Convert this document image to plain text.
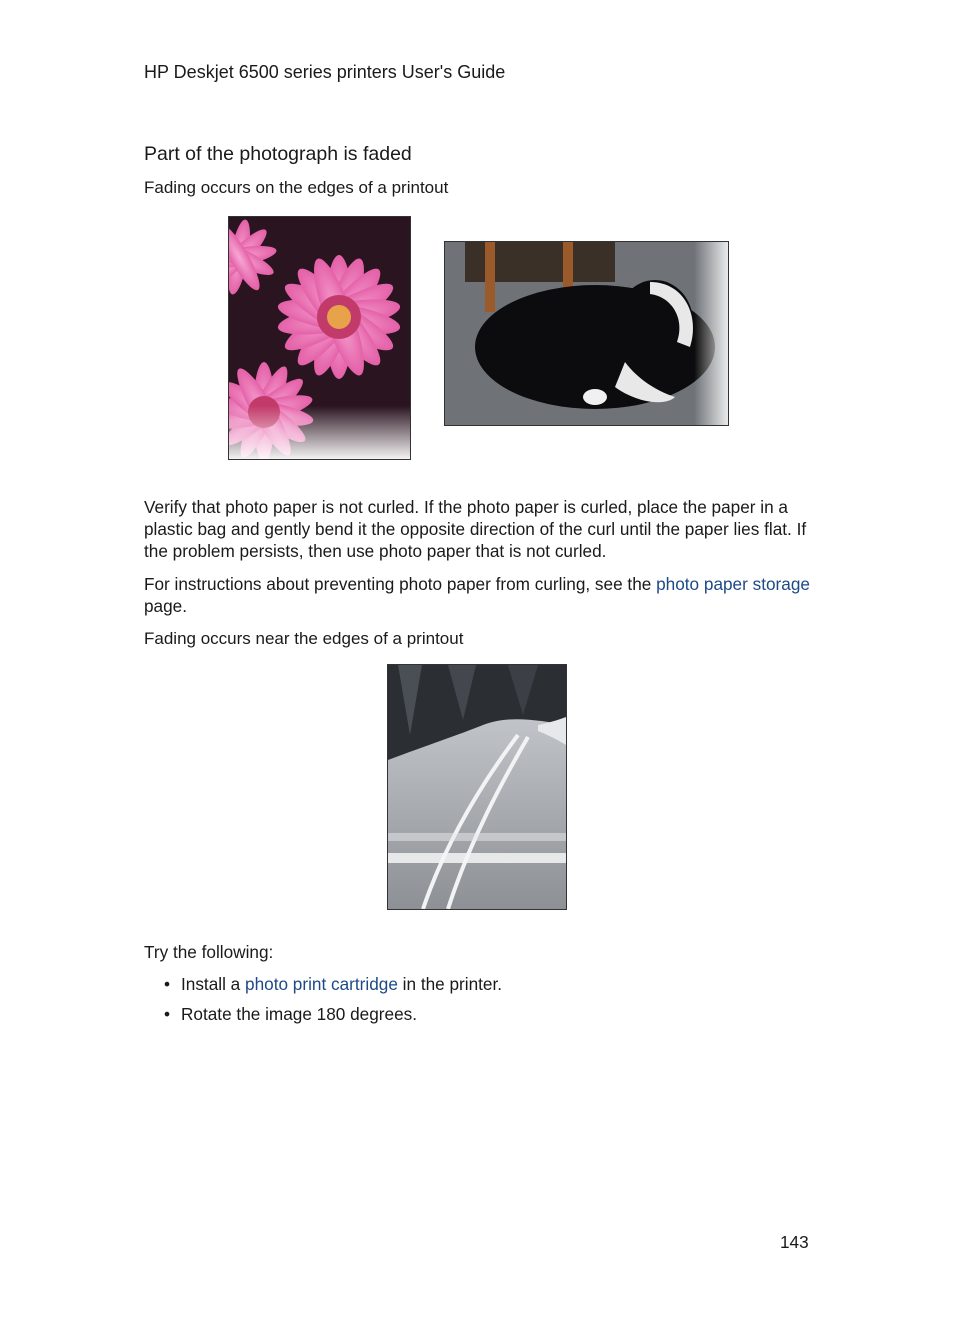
HP Deskjet 6500 series printers User's Guide
Part of the photograph is faded
Fading occurs on the edges of a printout
Verify that photo paper is not curled. If the photo paper is curled, place the paper in a plastic bag and gently bend it the opposite direction of the curl until the paper lies flat. If the problem persists, then use photo paper that is not curled.
For instructions about preventing photo paper from curling, see the photo paper storage page.
Fading occurs near the edges of a printout
Try the following:
• Install a photo print cartridge in the printer.
• Rotate the image 180 degrees.
143
